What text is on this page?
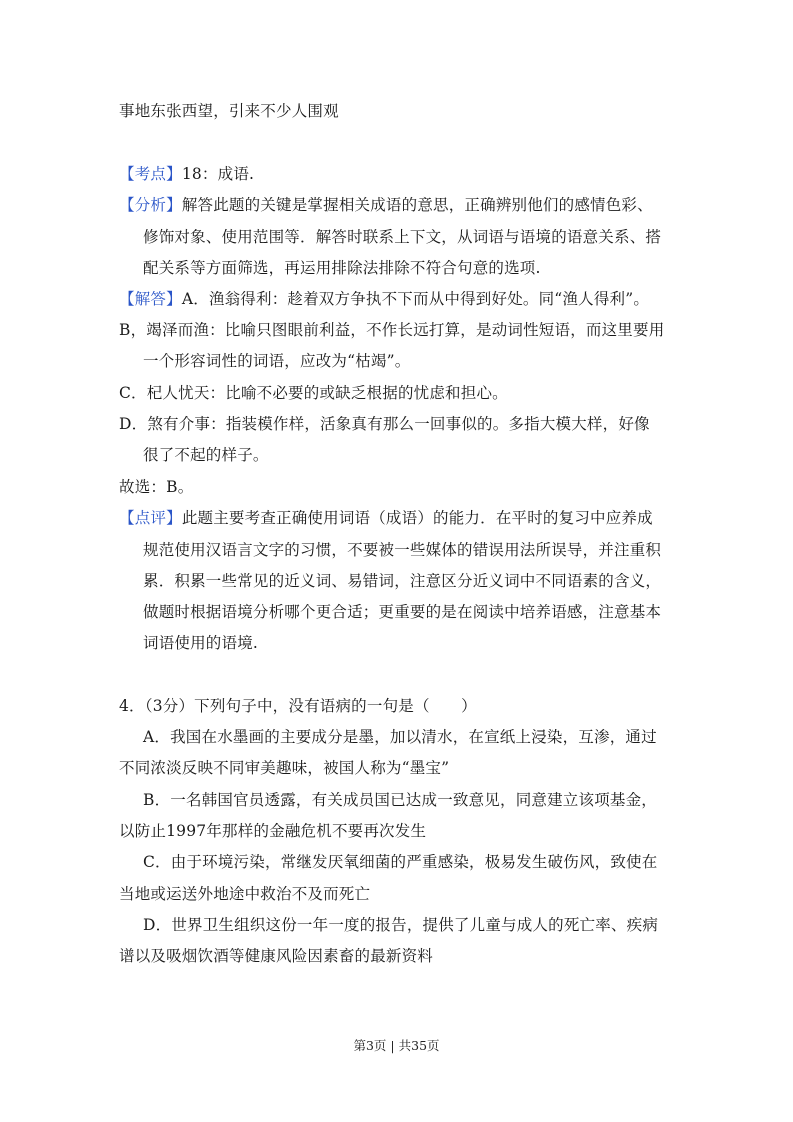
事地东张西望，引来不少人围观
【考点】18：成语.
【分析】解答此题的关键是掌握相关成语的意思，正确辨别他们的感情色彩、
修饰对象、使用范围等．解答时联系上下文，从词语与语境的语意关系、搭
配关系等方面筛选，再运用排除法排除不符合句意的选项.
【解答】A．渔翁得利：趁着双方争执不下而从中得到好处。同“渔人得利”。
B，竭泽而渔：比喻只图眼前利益，不作长远打算，是动词性短语，而这里要用
一个形容词性的词语，应改为“枯竭”。
C．杞人忧天：比喻不必要的或缺乏根据的忧虑和担心。
D．煞有介事：指装模作样，活象真有那么一回事似的。多指大模大样，好像
很了不起的样子。
故选：B。
【点评】此题主要考查正确使用词语（成语）的能力．在平时的复习中应养成
规范使用汉语言文字的习惯，不要被一些媒体的错误用法所误导，并注重积
累．积累一些常见的近义词、易错词，注意区分近义词中不同语素的含义，
做题时根据语境分析哪个更合适；更重要的是在阅读中培养语感，注意基本
词语使用的语境.
4．（3分）下列句子中，没有语病的一句是（　　）
A．我国在水墨画的主要成分是墨，加以清水，在宣纸上浸染，互渗，通过
不同浓淡反映不同审美趣味，被国人称为“墨宝”
B．一名韩国官员透露，有关成员国已达成一致意见，同意建立该项基金，
以防止1997年那样的金融危机不要再次发生
C．由于环境污染，常继发厌氧细菌的严重感染，极易发生破伤风，致使在
当地或运送外地途中救治不及而死亡
D．世界卫生组织这份一年一度的报告，提供了儿童与成人的死亡率、疾病
谱以及吸烟饮酒等健康风险因素畜的最新资料
第3页 | 共35页
